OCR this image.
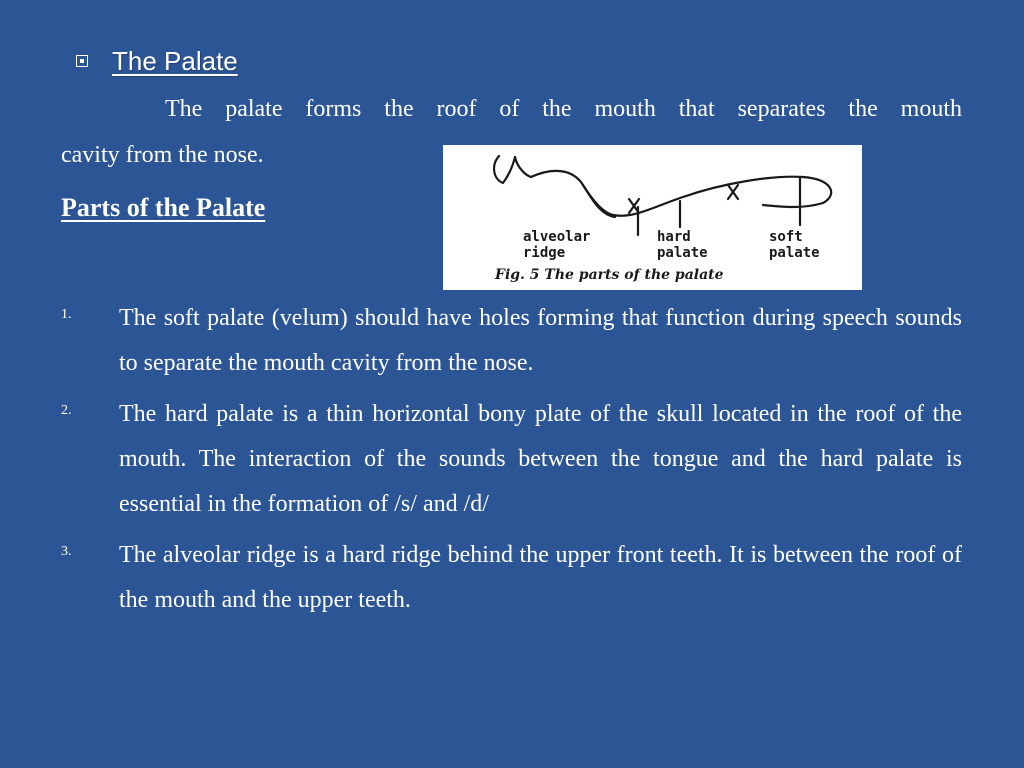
The Palate
The palate forms the roof of the mouth that separates the mouth
cavity from the nose.
Parts of the Palate
alveolar
ridge
hard
palate
soft
palate
Fig. 5 The parts of the palate
1. The soft palate (velum) should have holes forming that function during speech sounds to separate the mouth cavity from the nose.
2. The hard palate is a thin horizontal bony plate of the skull located in the roof of the mouth. The interaction of the sounds between the tongue and the hard palate is essential in the formation of /s/ and /d/
3. The alveolar ridge is a hard ridge behind the upper front teeth. It is between the roof of the mouth and the upper teeth.
